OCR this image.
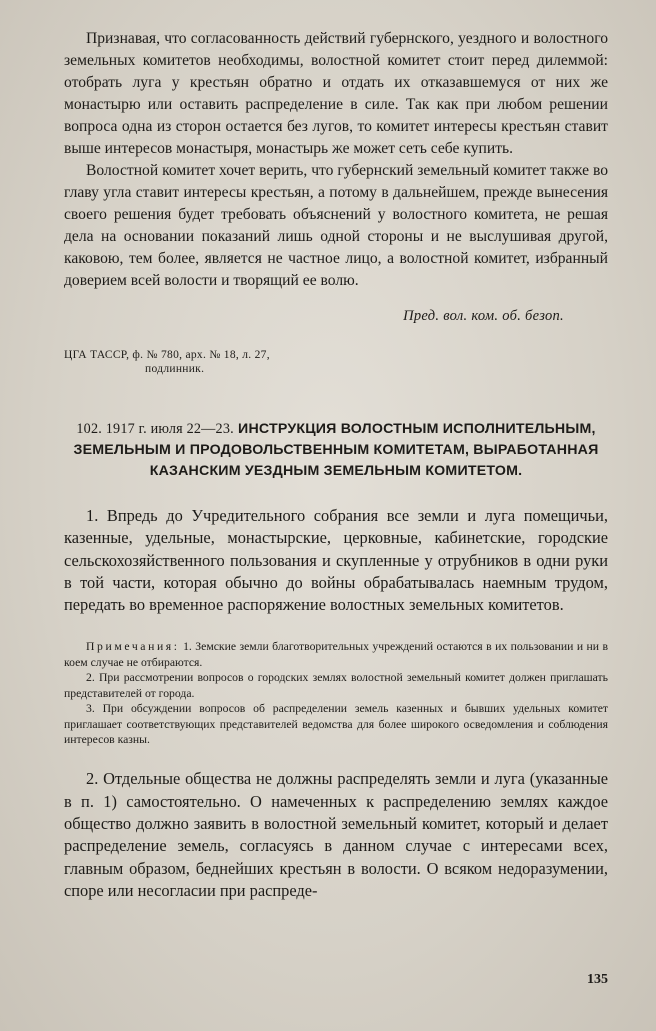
Признавая, что согласованность действий губернского, уездного и волостного земельных комитетов необходимы, волостной комитет стоит перед дилеммой: отобрать луга у крестьян обратно и отдать их отказавшемуся от них же монастырю или оставить распределение в силе. Так как при любом решении вопроса одна из сторон остается без лугов, то комитет интересы крестьян ставит выше интересов монастыря, монастырь же может сеть себе купить.

Волостной комитет хочет верить, что губернский земельный комитет также во главу угла ставит интересы крестьян, а потому в дальнейшем, прежде вынесения своего решения будет требовать объяснений у волостного комитета, не решая дела на основании показаний лишь одной стороны и не выслушивая другой, каковою, тем более, является не частное лицо, а волостной комитет, избранный доверием всей волости и творящий ее волю.

Пред. вол. ком. об. безоп.
ЦГА ТАССР, ф. № 780, арх. № 18, л. 27,
подлинник.
102. 1917 г. июля 22—23. ИНСТРУКЦИЯ ВОЛОСТНЫМ ИСПОЛНИТЕЛЬНЫМ, ЗЕМЕЛЬНЫМ И ПРОДОВОЛЬСТВЕННЫМ КОМИТЕТАМ, ВЫРАБОТАННАЯ КАЗАНСКИМ УЕЗДНЫМ ЗЕМЕЛЬНЫМ КОМИТЕТОМ.

1. Впредь до Учредительного собрания все земли и луга помещичьи, казенные, удельные, монастырские, церковные, кабинетские, городские сельскохозяйственного пользования и скупленные у отрубников в одни руки в той части, которая обычно до войны обрабатывалась наемным трудом, передать во временное распоряжение волостных земельных комитетов.

Примечания: 1. Земские земли благотворительных учреждений остаются в их пользовании и ни в коем случае не отбираются.

2. При рассмотрении вопросов о городских землях волостной земельный комитет должен приглашать представителей от города.

3. При обсуждении вопросов об распределении земель казенных и бывших удельных комитет приглашает соответствующих представителей ведомства для более широкого осведомления и соблюдения интересов казны.

2. Отдельные общества не должны распределять земли и луга (указанные в п. 1) самостоятельно. О намеченных к распределению землях каждое общество должно заявить в волостной земельный комитет, который и делает распределение земель, согласуясь в данном случае с интересами всех, главным образом, беднейших крестьян в волости. О всяком недоразумении, споре или несогласии при распреде-

135
